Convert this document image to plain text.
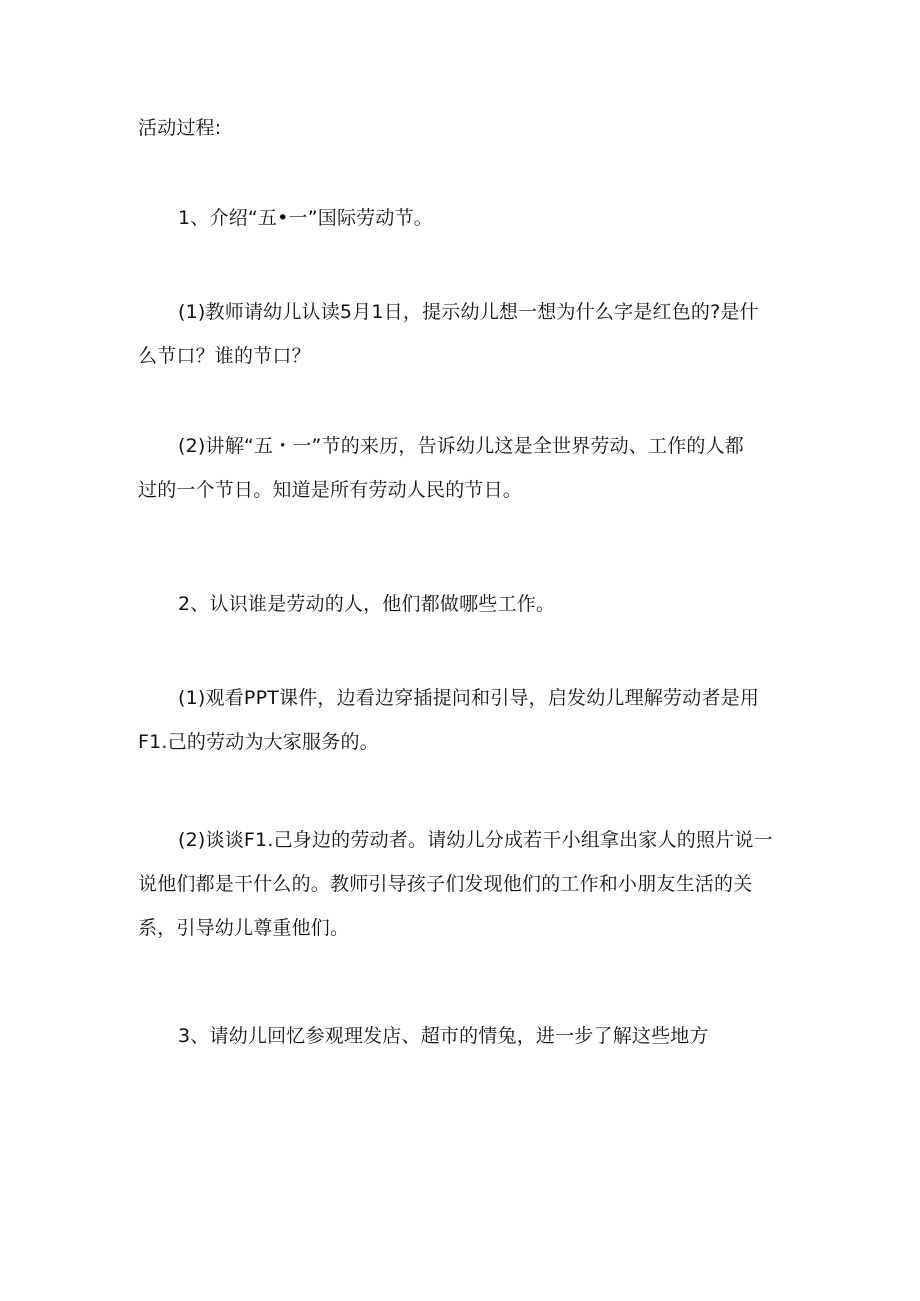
活动过程:

1、介绍“五•一”国际劳动节。

(1)教师请幼儿认读5月1日，提示幼儿想一想为什么字是红色的?是什
么节口？谁的节口？

(2)讲解“五・一”节的来历，告诉幼儿这是全世界劳动、工作的人都
过的一个节日。知道是所有劳动人民的节日。

2、认识谁是劳动的人，他们都做哪些工作。

(1)观看PPT课件，边看边穿插提问和引导，启发幼儿理解劳动者是用
F1.己的劳动为大家服务的。

(2)谈谈F1.己身边的劳动者。请幼儿分成若干小组拿出家人的照片说一
说他们都是干什么的。教师引导孩子们发现他们的工作和小朋友生活的关
系，引导幼儿尊重他们。

3、请幼儿回忆参观理发店、超市的情兔，进一步了解这些地方
